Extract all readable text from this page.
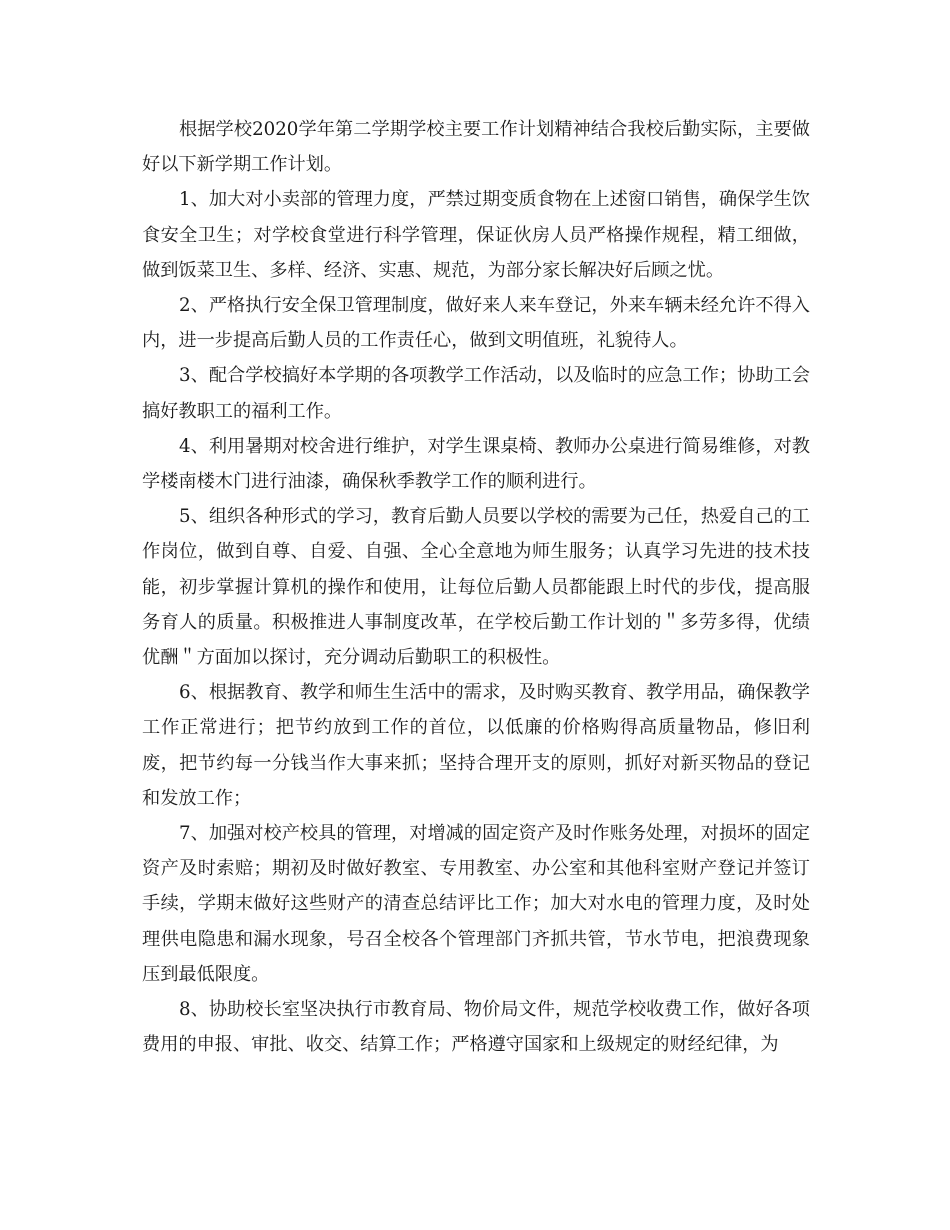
根据学校2020学年第二学期学校主要工作计划精神结合我校后勤实际，主要做好以下新学期工作计划。

1、加大对小卖部的管理力度，严禁过期变质食物在上述窗口销售，确保学生饮食安全卫生；对学校食堂进行科学管理，保证伙房人员严格操作规程，精工细做，做到饭菜卫生、多样、经济、实惠、规范，为部分家长解决好后顾之忧。

2、严格执行安全保卫管理制度，做好来人来车登记，外来车辆未经允许不得入内，进一步提高后勤人员的工作责任心，做到文明值班，礼貌待人。

3、配合学校搞好本学期的各项教学工作活动，以及临时的应急工作；协助工会搞好教职工的福利工作。

4、利用暑期对校舍进行维护，对学生课桌椅、教师办公桌进行简易维修，对教学楼南楼木门进行油漆，确保秋季教学工作的顺利进行。

5、组织各种形式的学习，教育后勤人员要以学校的需要为己任，热爱自己的工作岗位，做到自尊、自爱、自强、全心全意地为师生服务；认真学习先进的技术技能，初步掌握计算机的操作和使用，让每位后勤人员都能跟上时代的步伐，提高服务育人的质量。积极推进人事制度改革，在学校后勤工作计划的＂多劳多得，优绩优酬＂方面加以探讨，充分调动后勤职工的积极性。

6、根据教育、教学和师生生活中的需求，及时购买教育、教学用品，确保教学工作正常进行；把节约放到工作的首位，以低廉的价格购得高质量物品，修旧利废，把节约每一分钱当作大事来抓；坚持合理开支的原则，抓好对新买物品的登记和发放工作；

7、加强对校产校具的管理，对增减的固定资产及时作账务处理，对损坏的固定资产及时索赔；期初及时做好教室、专用教室、办公室和其他科室财产登记并签订手续，学期末做好这些财产的清查总结评比工作；加大对水电的管理力度，及时处理供电隐患和漏水现象，号召全校各个管理部门齐抓共管，节水节电，把浪费现象压到最低限度。

8、协助校长室坚决执行市教育局、物价局文件，规范学校收费工作，做好各项费用的申报、审批、收交、结算工作；严格遵守国家和上级规定的财经纪律，为
